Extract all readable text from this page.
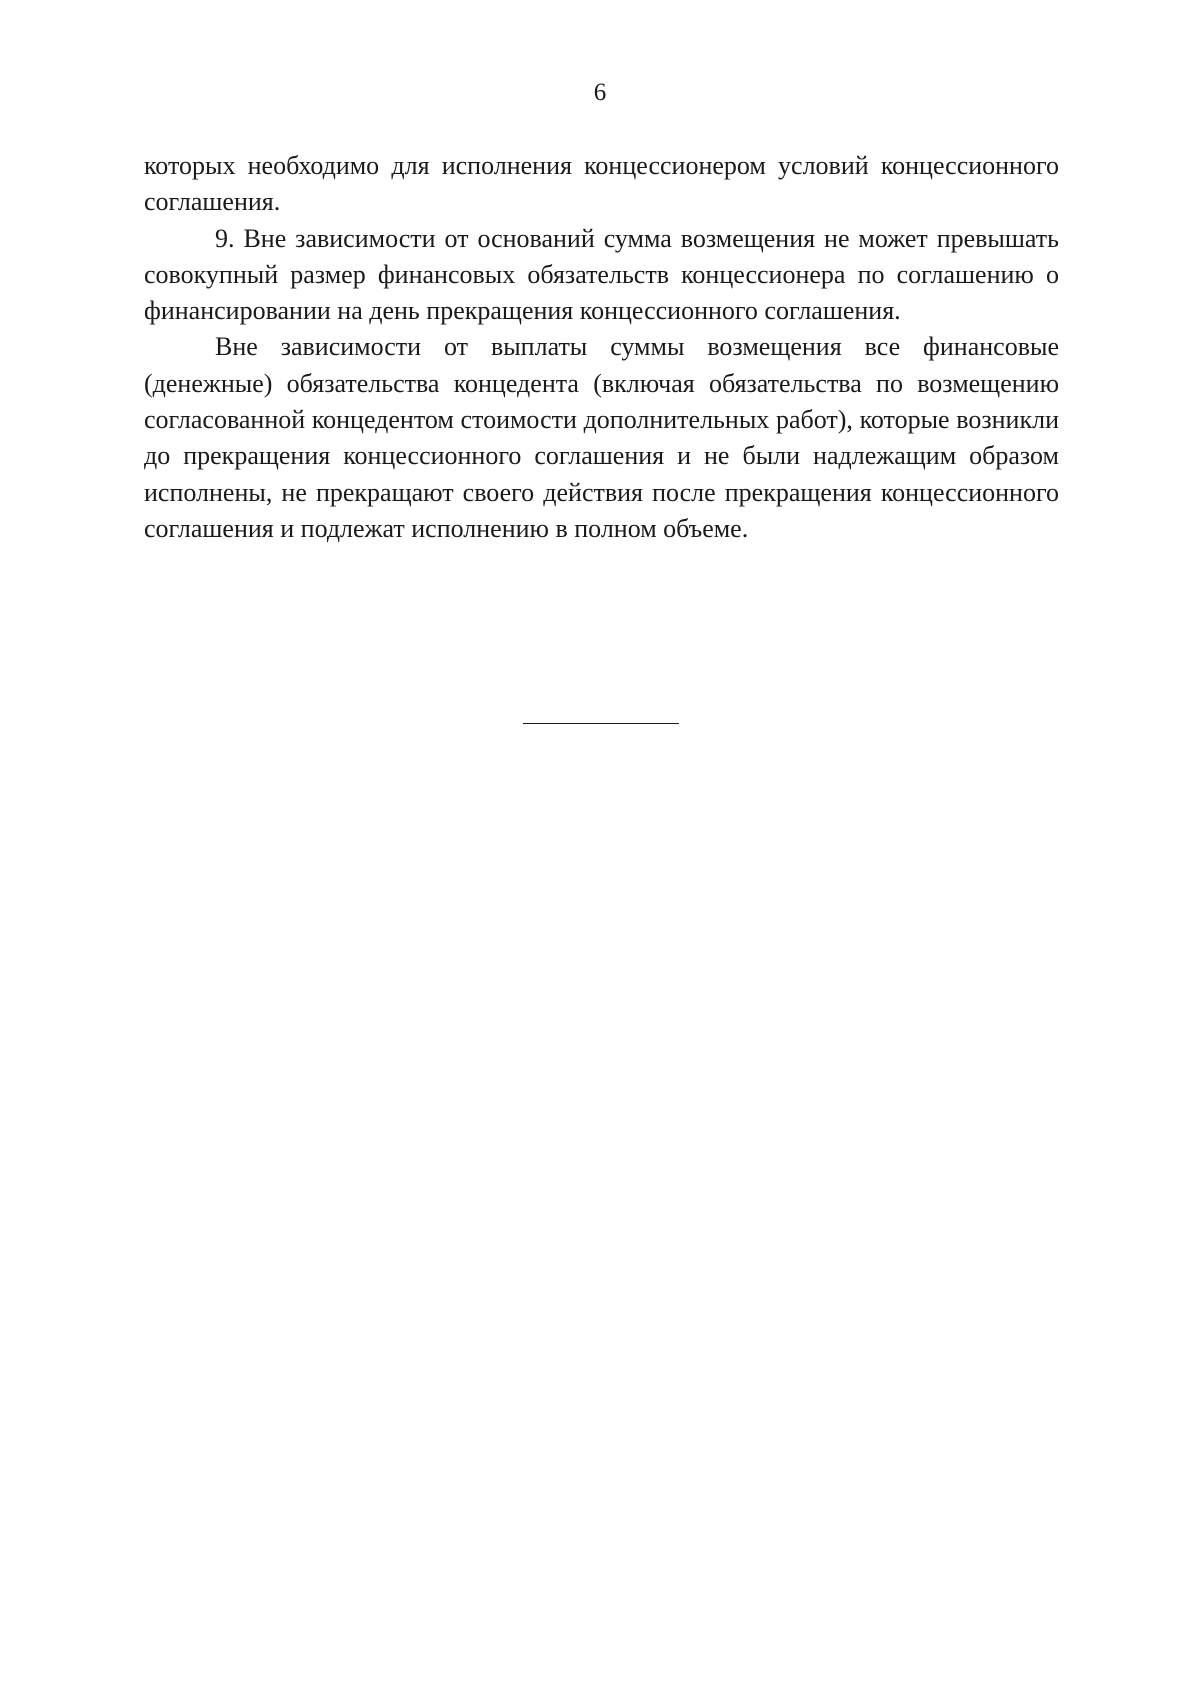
6

которых необходимо для исполнения концессионером условий концессионного соглашения.

9. Вне зависимости от оснований сумма возмещения не может превышать совокупный размер финансовых обязательств концессионера по соглашению о финансировании на день прекращения концессионного соглашения.

Вне зависимости от выплаты суммы возмещения все финансовые (денежные) обязательства концедента (включая обязательства по возмещению согласованной концедентом стоимости дополнительных работ), которые возникли до прекращения концессионного соглашения и не были надлежащим образом исполнены, не прекращают своего действия после прекращения концессионного соглашения и подлежат исполнению в полном объеме.
